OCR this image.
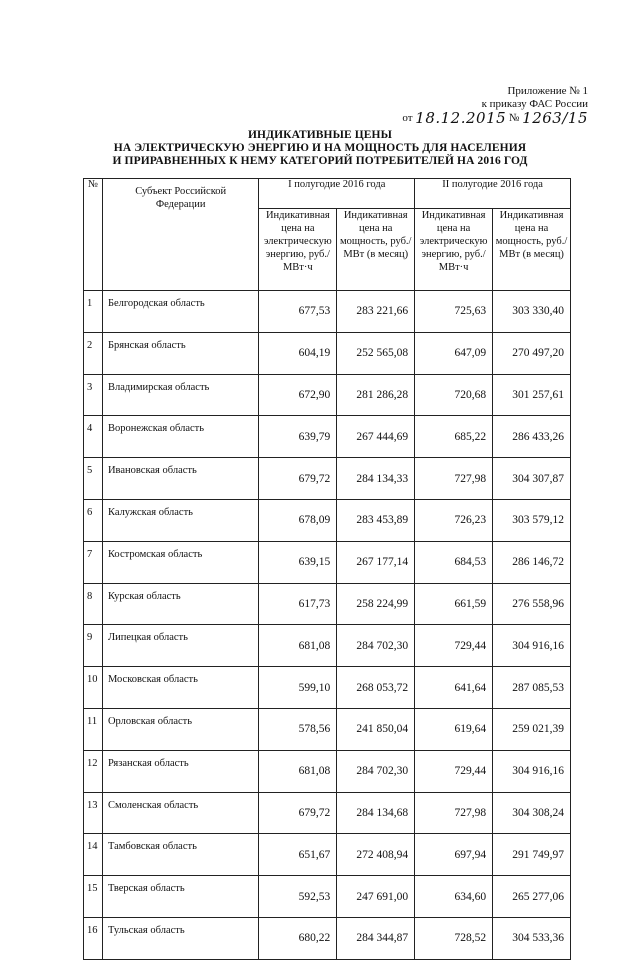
Приложение № 1
к приказу ФАС России
от 18.12.2015 № 1263/15
ИНДИКАТИВНЫЕ ЦЕНЫ
НА ЭЛЕКТРИЧЕСКУЮ ЭНЕРГИЮ И НА МОЩНОСТЬ ДЛЯ НАСЕЛЕНИЯ
И ПРИРАВНЕННЫХ К НЕМУ КАТЕГОРИЙ ПОТРЕБИТЕЛЕЙ НА 2016 ГОД
№	Субъект Российской Федерации	I полугодие 2016 года		II полугодие 2016 года	
		Индикативная цена на электрическую энергию, руб./МВт·ч	Индикативная цена на мощность, руб./МВт (в месяц)	Индикативная цена на электрическую энергию, руб./МВт·ч	Индикативная цена на мощность, руб./МВт (в месяц)
1	Белгородская область	677,53	283 221,66	725,63	303 330,40
2	Брянская область	604,19	252 565,08	647,09	270 497,20
3	Владимирская область	672,90	281 286,28	720,68	301 257,61
4	Воронежская область	639,79	267 444,69	685,22	286 433,26
5	Ивановская область	679,72	284 134,33	727,98	304 307,87
6	Калужская область	678,09	283 453,89	726,23	303 579,12
7	Костромская область	639,15	267 177,14	684,53	286 146,72
8	Курская область	617,73	258 224,99	661,59	276 558,96
9	Липецкая область	681,08	284 702,30	729,44	304 916,16
10	Московская область	599,10	268 053,72	641,64	287 085,53
11	Орловская область	578,56	241 850,04	619,64	259 021,39
12	Рязанская область	681,08	284 702,30	729,44	304 916,16
13	Смоленская область	679,72	284 134,68	727,98	304 308,24
14	Тамбовская область	651,67	272 408,94	697,94	291 749,97
15	Тверская область	592,53	247 691,00	634,60	265 277,06
16	Тульская область	680,22	284 344,87	728,52	304 533,36
